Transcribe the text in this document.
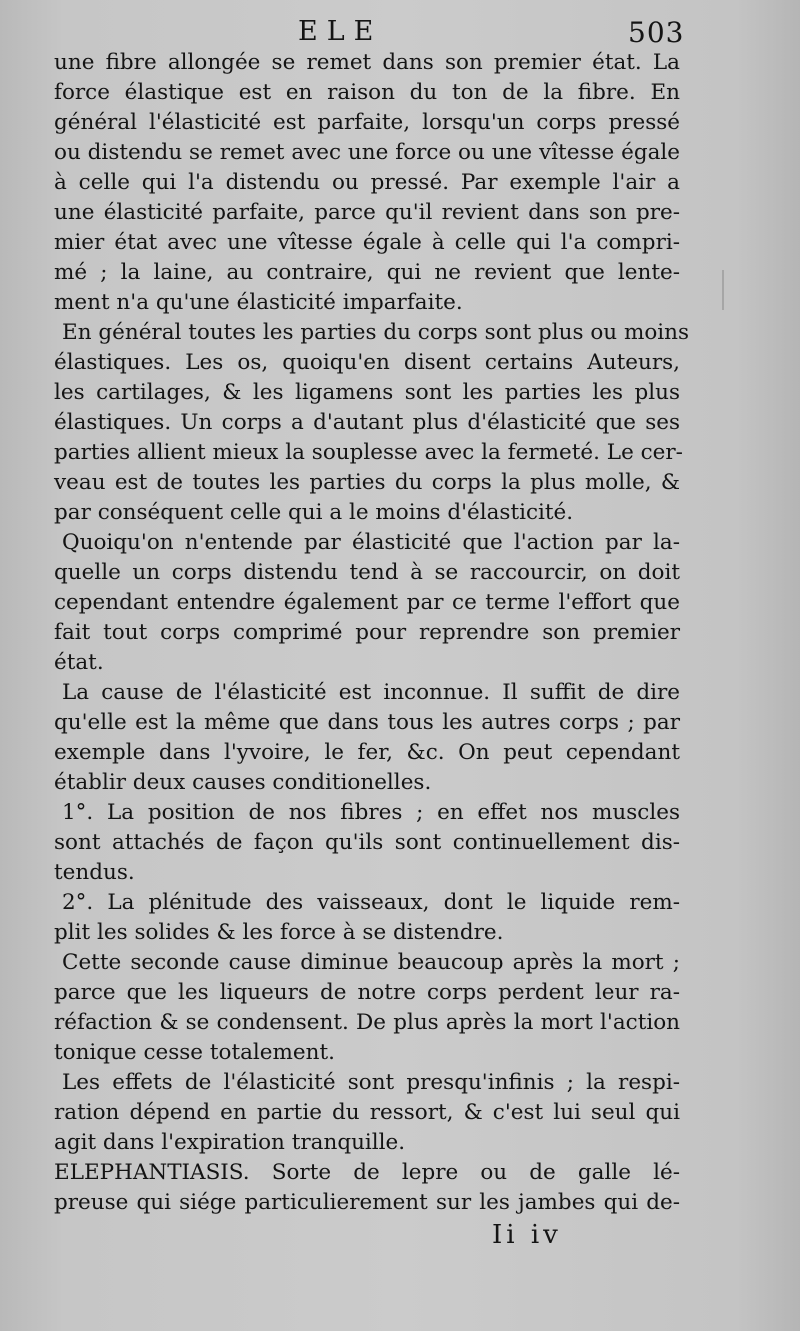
ELE	503
une fibre allongée se remet dans son premier état. La
force élastique est en raison du ton de la fibre. En
général l'élasticité est parfaite, lorsqu'un corps pressé
ou distendu se remet avec une force ou une vîtesse égale
à celle qui l'a distendu ou pressé. Par exemple l'air a
une élasticité parfaite, parce qu'il revient dans son pre-
mier état avec une vîtesse égale à celle qui l'a compri-
mé ; la laine, au contraire, qui ne revient que lente-
ment n'a qu'une élasticité imparfaite.
En général toutes les parties du corps sont plus ou moins
élastiques. Les os, quoiqu'en disent certains Auteurs,
les cartilages, & les ligamens sont les parties les plus
élastiques. Un corps a d'autant plus d'élasticité que ses
parties allient mieux la souplesse avec la fermeté. Le cer-
veau est de toutes les parties du corps la plus molle, &
par conséquent celle qui a le moins d'élasticité.
Quoiqu'on n'entende par élasticité que l'action par la-
quelle un corps distendu tend à se raccourcir, on doit
cependant entendre également par ce terme l'effort que
fait tout corps comprimé pour reprendre son premier
état.
La cause de l'élasticité est inconnue. Il suffit de dire
qu'elle est la même que dans tous les autres corps ; par
exemple dans l'yvoire, le fer, &c. On peut cependant
établir deux causes conditionelles.
1°. La position de nos fibres ; en effet nos muscles
sont attachés de façon qu'ils sont continuellement dis-
tendus.
2°. La plénitude des vaisseaux, dont le liquide rem-
plit les solides & les force à se distendre.
Cette seconde cause diminue beaucoup après la mort ;
parce que les liqueurs de notre corps perdent leur ra-
réfaction & se condensent. De plus après la mort l'action
tonique cesse totalement.
Les effets de l'élasticité sont presqu'infinis ; la respi-
ration dépend en partie du ressort, & c'est lui seul qui
agit dans l'expiration tranquille.
ELEPHANTIASIS. Sorte de lepre ou de galle lé-
preuse qui siége particulierement sur les jambes qui de-
Ii iv
